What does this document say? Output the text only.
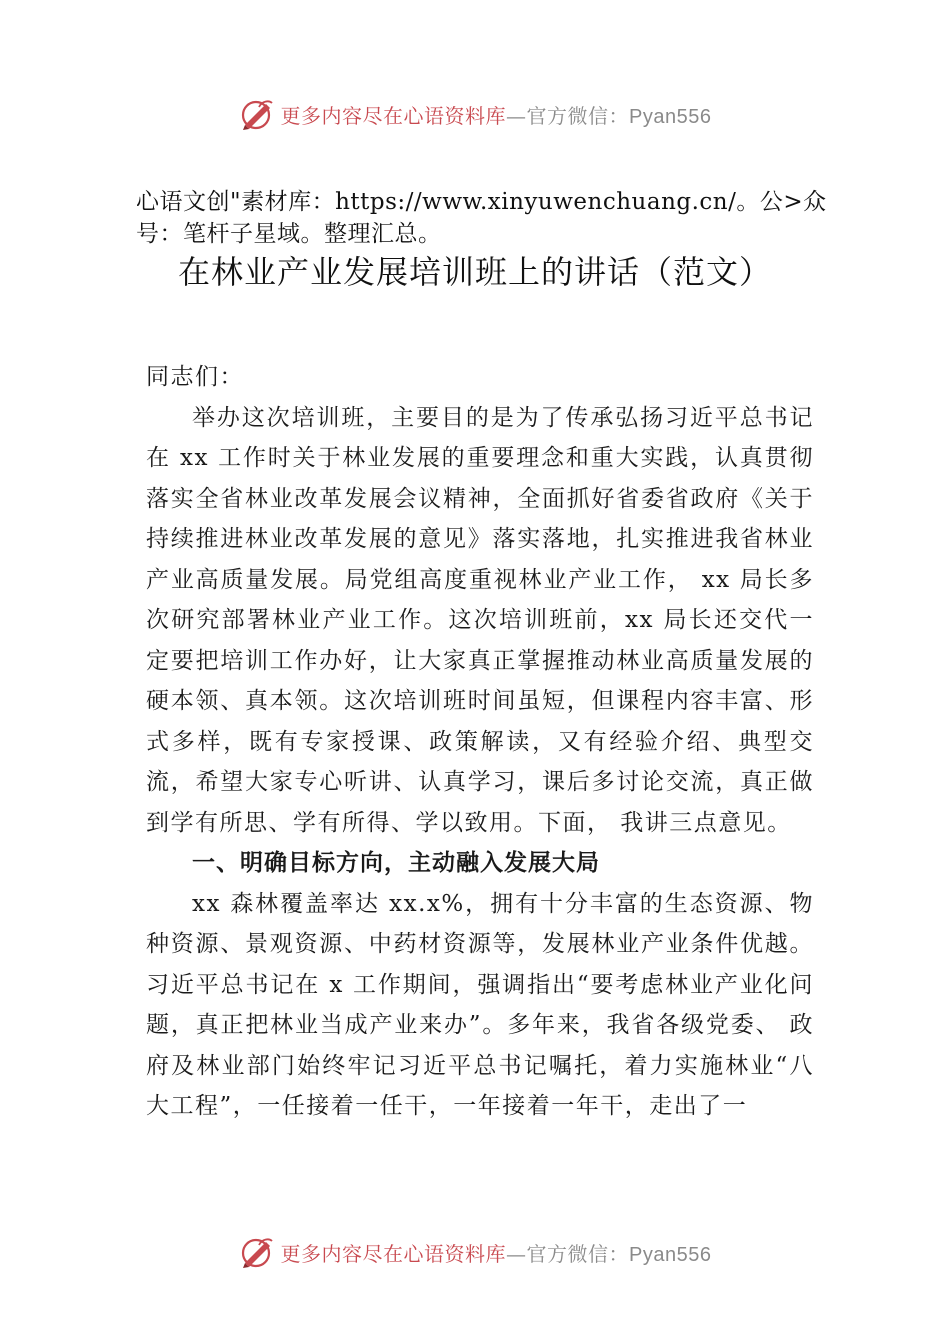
更多内容尽在心语资料库—官方微信：Pyan556
心语文创"素材库：https://www.xinyuwenchuang.cn/。公>众号：笔杆子星域。整理汇总。
在林业产业发展培训班上的讲话（范文）

同志们：

举办这次培训班，主要目的是为了传承弘扬习近平总书记在 xx 工作时关于林业发展的重要理念和重大实践，认真贯彻落实全省林业改革发展会议精神，全面抓好省委省政府《关于持续推进林业改革发展的意见》落实落地，扎实推进我省林业产业高质量发展。局党组高度重视林业产业工作， xx 局长多次研究部署林业产业工作。这次培训班前，xx 局长还交代一定要把培训工作办好，让大家真正掌握推动林业高质量发展的硬本领、真本领。这次培训班时间虽短，但课程内容丰富、形式多样，既有专家授课、政策解读，又有经验介绍、典型交流，希望大家专心听讲、认真学习，课后多讨论交流，真正做到学有所思、学有所得、学以致用。下面， 我讲三点意见。

一、明确目标方向，主动融入发展大局

xx 森林覆盖率达 xx.x%，拥有十分丰富的生态资源、物种资源、景观资源、中药材资源等，发展林业产业条件优越。习近平总书记在 x 工作期间，强调指出“要考虑林业产业化问题，真正把林业当成产业来办”。多年来，我省各级党委、 政府及林业部门始终牢记习近平总书记嘱托，着力实施林业“八大工程”，一任接着一任干，一年接着一年干，走出了一

更多内容尽在心语资料库—官方微信：Pyan556
